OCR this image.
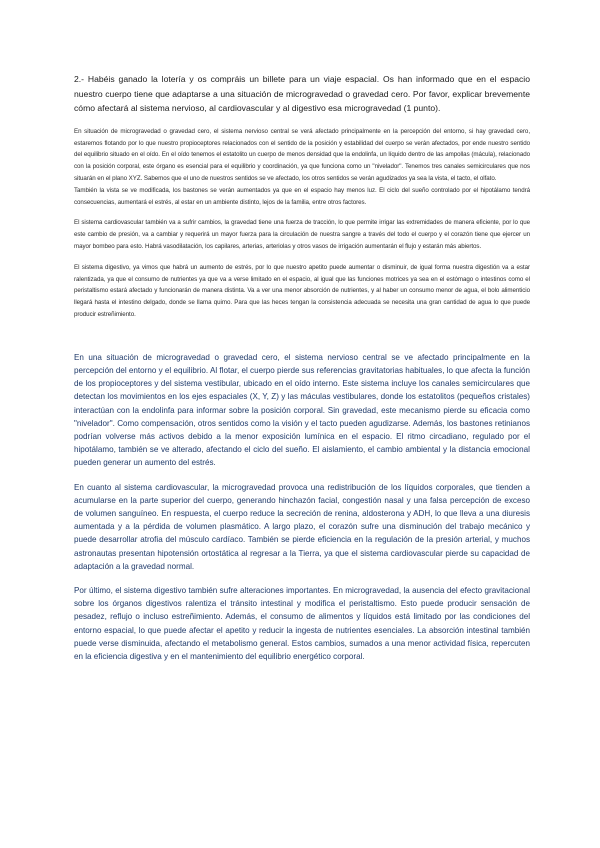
2.- Habéis ganado la lotería y os compráis un billete para un viaje espacial. Os han informado que en el espacio nuestro cuerpo tiene que adaptarse a una situación de microgravedad o gravedad cero. Por favor, explicar brevemente cómo afectará al sistema nervioso, al cardiovascular y al digestivo esa microgravedad (1 punto).

En situación de microgravedad o gravedad cero, el sistema nervioso central se verá afectado principalmente en la percepción del entorno, si hay gravedad cero, estaremos flotando por lo que nuestro propioceptores relacionados con el sentido de la posición y estabilidad del cuerpo se verán afectados, por ende nuestro sentido del equilibrio situado en el oído. En el oído tenemos el estatolito un cuerpo de menos densidad que la endolinfa, un líquido dentro de las ampollas (mácula), relacionado con la posición corporal, este órgano es esencial para el equilibrio y coordinación, ya que funciona como un "nivelador". Tenemos tres canales semicirculares que nos situarán en el plano XYZ. Sabemos que el uno de nuestros sentidos se ve afectado, los otros sentidos se verán agudizados ya sea la vista, el tacto, el olfato.

También la vista se ve modificada, los bastones se verán aumentados ya que en el espacio hay menos luz. El ciclo del sueño controlado por el hipotálamo tendrá consecuencias, aumentará el estrés, al estar en un ambiente distinto, lejos de la familia, entre otros factores.

El sistema cardiovascular también va a sufrir cambios, la gravedad tiene una fuerza de tracción, lo que permite irrigar las extremidades de manera eficiente, por lo que este cambio de presión, va a cambiar y requerirá un mayor fuerza para la circulación de nuestra sangre a través del todo el cuerpo y el corazón tiene que ejercer un mayor bombeo para esto. Habrá vasodilatación, los capilares, arterias, arteriolas y otros vasos de irrigación aumentarán el flujo y estarán más abiertos.

El sistema digestivo, ya vimos que habrá un aumento de estrés, por lo que nuestro apetito puede aumentar o disminuir, de igual forma nuestra digestión va a estar ralentizada, ya que el consumo de nutrientes ya que va a verse limitado en el espacio, al igual que las funciones motrices ya sea en el estómago o intestinos como el peristaltismo estará afectado y funcionarán de manera distinta. Va a ver una menor absorción de nutrientes, y al haber un consumo menor de agua, el bolo alimenticio llegará hasta el intestino delgado, donde se llama quimo. Para que las heces tengan la consistencia adecuada se necesita una gran cantidad de agua lo que puede producir estreñimiento.

En una situación de microgravedad o gravedad cero, el sistema nervioso central se ve afectado principalmente en la percepción del entorno y el equilibrio. Al flotar, el cuerpo pierde sus referencias gravitatorias habituales, lo que afecta la función de los propioceptores y del sistema vestibular, ubicado en el oído interno. Este sistema incluye los canales semicirculares que detectan los movimientos en los ejes espaciales (X, Y, Z) y las máculas vestibulares, donde los estatolitos (pequeños cristales) interactúan con la endolinfa para informar sobre la posición corporal. Sin gravedad, este mecanismo pierde su eficacia como "nivelador". Como compensación, otros sentidos como la visión y el tacto pueden agudizarse. Además, los bastones retinianos podrían volverse más activos debido a la menor exposición lumínica en el espacio. El ritmo circadiano, regulado por el hipotálamo, también se ve alterado, afectando el ciclo del sueño. El aislamiento, el cambio ambiental y la distancia emocional pueden generar un aumento del estrés.

En cuanto al sistema cardiovascular, la microgravedad provoca una redistribución de los líquidos corporales, que tienden a acumularse en la parte superior del cuerpo, generando hinchazón facial, congestión nasal y una falsa percepción de exceso de volumen sanguíneo. En respuesta, el cuerpo reduce la secreción de renina, aldosterona y ADH, lo que lleva a una diuresis aumentada y a la pérdida de volumen plasmático. A largo plazo, el corazón sufre una disminución del trabajo mecánico y puede desarrollar atrofia del músculo cardíaco. También se pierde eficiencia en la regulación de la presión arterial, y muchos astronautas presentan hipotensión ortostática al regresar a la Tierra, ya que el sistema cardiovascular pierde su capacidad de adaptación a la gravedad normal.

Por último, el sistema digestivo también sufre alteraciones importantes. En microgravedad, la ausencia del efecto gravitacional sobre los órganos digestivos ralentiza el tránsito intestinal y modifica el peristaltismo. Esto puede producir sensación de pesadez, reflujo o incluso estreñimiento. Además, el consumo de alimentos y líquidos está limitado por las condiciones del entorno espacial, lo que puede afectar el apetito y reducir la ingesta de nutrientes esenciales. La absorción intestinal también puede verse disminuida, afectando el metabolismo general. Estos cambios, sumados a una menor actividad física, repercuten en la eficiencia digestiva y en el mantenimiento del equilibrio energético corporal.
